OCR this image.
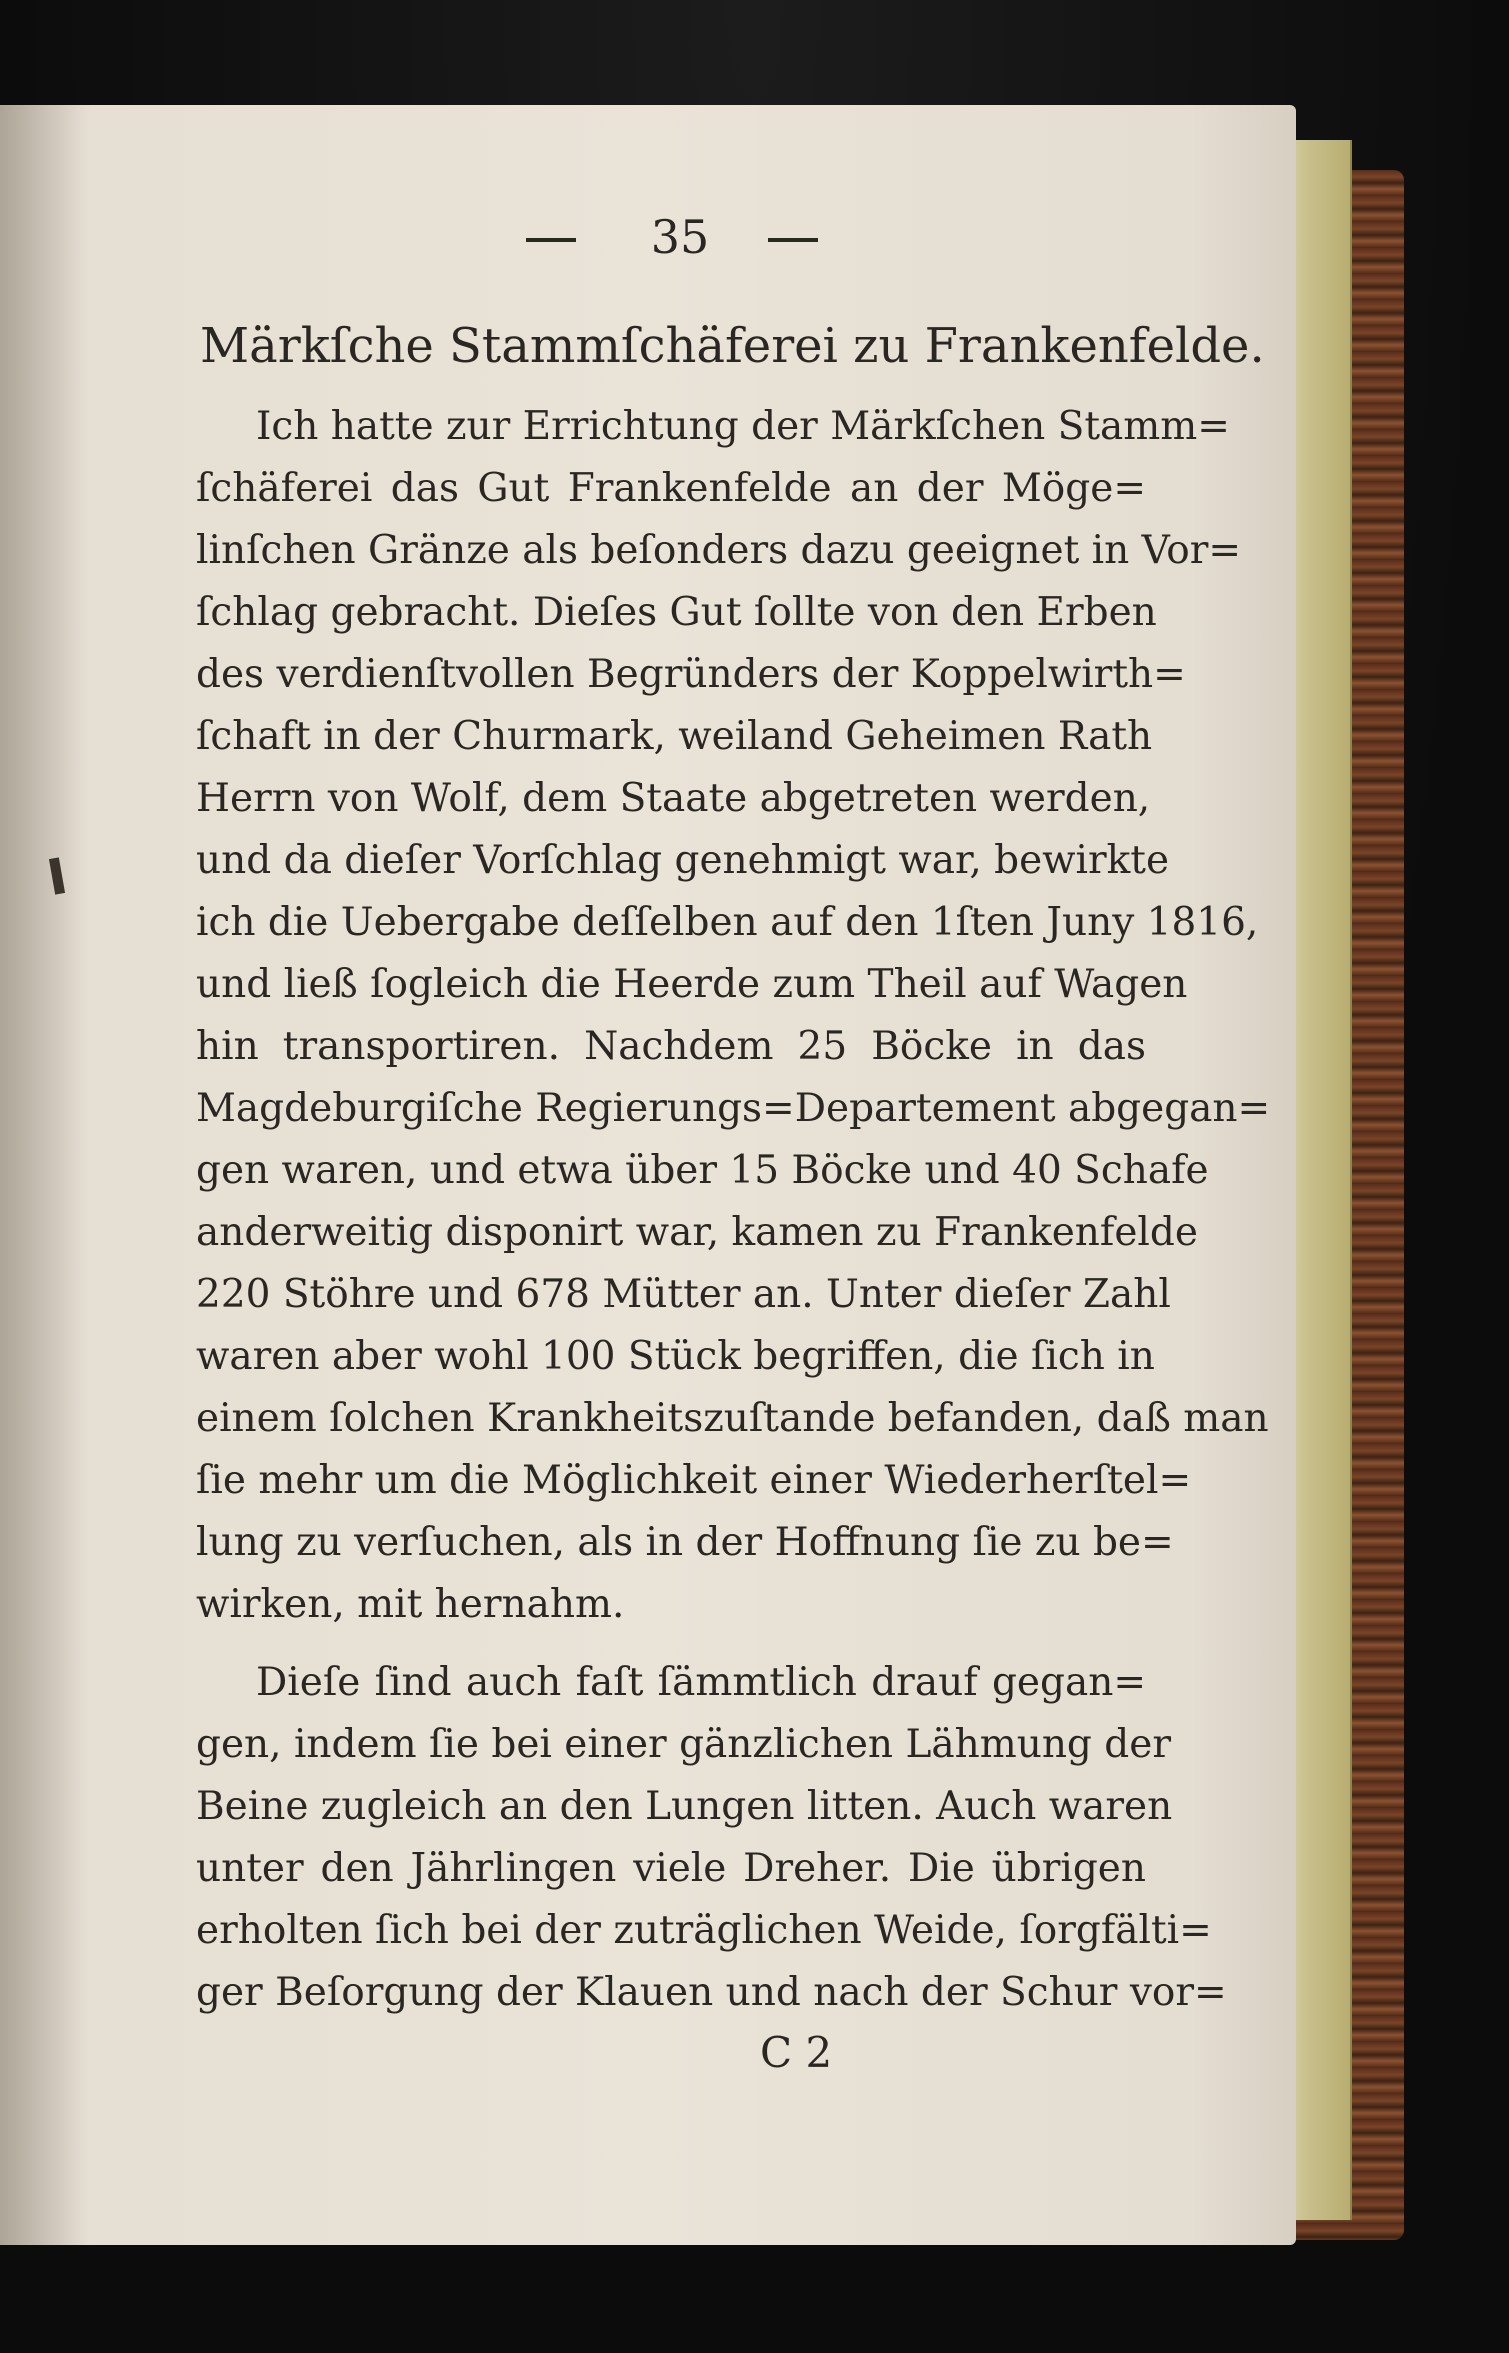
35
Märkſche Stammſchäferei zu Frankenfelde.
Ich hatte zur Errichtung der Märkſchen Stamm=
ſchäferei das Gut Frankenfelde an der Möge=
linſchen Gränze als beſonders dazu geeignet in Vor=
ſchlag gebracht. Dieſes Gut ſollte von den Erben
des verdienſtvollen Begründers der Koppelwirth=
ſchaft in der Churmark, weiland Geheimen Rath
Herrn von Wolf, dem Staate abgetreten werden,
und da dieſer Vorſchlag genehmigt war, bewirkte
ich die Uebergabe deſſelben auf den 1ſten Juny 1816,
und ließ ſogleich die Heerde zum Theil auf Wagen
hin transportiren. Nachdem 25 Böcke in das
Magdeburgiſche Regierungs=Departement abgegan=
gen waren, und etwa über 15 Böcke und 40 Schafe
anderweitig disponirt war, kamen zu Frankenfelde
220 Stöhre und 678 Mütter an. Unter dieſer Zahl
waren aber wohl 100 Stück begriffen, die ſich in
einem ſolchen Krankheitszuſtande befanden, daß man
ſie mehr um die Möglichkeit einer Wiederherſtel=
lung zu verſuchen, als in der Hoffnung ſie zu be=
wirken, mit hernahm.
Dieſe ſind auch faſt ſämmtlich drauf gegan=
gen, indem ſie bei einer gänzlichen Lähmung der
Beine zugleich an den Lungen litten. Auch waren
unter den Jährlingen viele Dreher. Die übrigen
erholten ſich bei der zuträglichen Weide, ſorgfälti=
ger Beſorgung der Klauen und nach der Schur vor=
C 2
